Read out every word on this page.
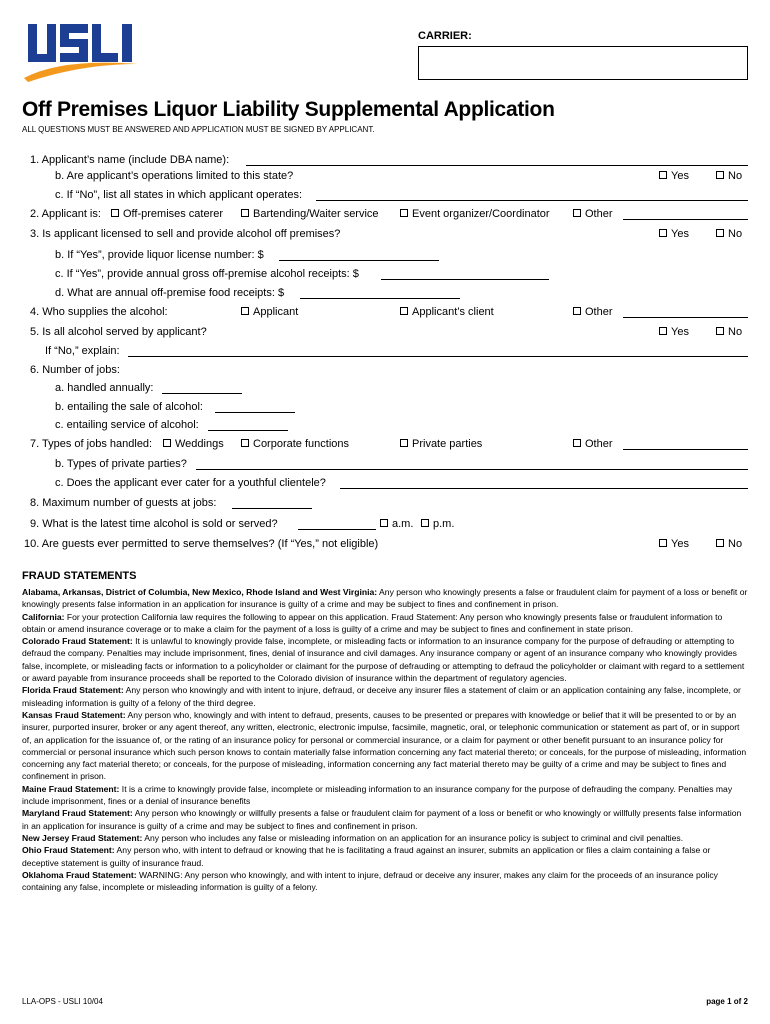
CARRIER:
Off Premises Liquor Liability Supplemental Application
ALL QUESTIONS MUST BE ANSWERED AND APPLICATION MUST BE SIGNED BY APPLICANT.
1. Applicant’s name (include DBA name):
b. Are applicant’s operations limited to this state?	Yes	No
c. If “No”, list all states in which applicant operates:
2. Applicant is:	Off-premises caterer	Bartending/Waiter service	Event organizer/Coordinator	Other
3. Is applicant licensed to sell and provide alcohol off premises?	Yes	No
b. If “Yes”, provide liquor license number: $
c. If “Yes”, provide annual gross off-premise alcohol receipts: $
d. What are annual off-premise food receipts: $
4. Who supplies the alcohol:	Applicant	Applicant’s client	Other
5. Is all alcohol served by applicant?	Yes	No
If “No,” explain:
6. Number of jobs:
a. handled annually:
b. entailing the sale of alcohol:
c. entailing service of alcohol:
7. Types of jobs handled:	Weddings	Corporate functions	Private parties	Other
b. Types of private parties?
c. Does the applicant ever cater for a youthful clientele?
8. Maximum number of guests at jobs:
9. What is the latest time alcohol is sold or served?	a.m.	p.m.
10. Are guests ever permitted to serve themselves? (If “Yes,” not eligible)	Yes	No
FRAUD STATEMENTS
Alabama, Arkansas, District of Columbia, New Mexico, Rhode Island and West Virginia: Any person who knowingly presents a false or fraudulent claim for payment of a loss or benefit or knowingly presents false information in an application for insurance is guilty of a crime and may be subject to fines and confinement in prison.
California: For your protection California law requires the following to appear on this application. Fraud Statement: Any person who knowingly presents false or fraudulent information to obtain or amend insurance coverage or to make a claim for the payment of a loss is guilty of a crime and may be subject to fines and confinement in state prison.
Colorado Fraud Statement: It is unlawful to knowingly provide false, incomplete, or misleading facts or information to an insurance company for the purpose of defrauding or attempting to defraud the company. Penalties may include imprisonment, fines, denial of insurance and civil damages. Any insurance company or agent of an insurance company who knowingly provides false, incomplete, or misleading facts or information to a policyholder or claimant for the purpose of defrauding or attempting to defraud the policyholder or claimant with regard to a settlement or award payable from insurance proceeds shall be reported to the Colorado division of insurance within the department of regulatory agencies.
Florida Fraud Statement: Any person who knowingly and with intent to injure, defraud, or deceive any insurer files a statement of claim or an application containing any false, incomplete, or misleading information is guilty of a felony of the third degree.
Kansas Fraud Statement: Any person who, knowingly and with intent to defraud, presents, causes to be presented or prepares with knowledge or belief that it will be presented to or by an insurer, purported insurer, broker or any agent thereof, any written, electronic, electronic impulse, facsimile, magnetic, oral, or telephonic communication or statement as part of, or in support of, an application for the issuance of, or the rating of an insurance policy for personal or commercial insurance, or a claim for payment or other benefit pursuant to an insurance policy for commercial or personal insurance which such person knows to contain materially false information concerning any fact material thereto; or conceals, for the purpose of misleading, information concerning any fact material thereto; or conceals, for the purpose of misleading, information concerning any fact material thereto may be guilty of a crime and may be subject to fines and confinement in prison.
Maine Fraud Statement: It is a crime to knowingly provide false, incomplete or misleading information to an insurance company for the purpose of defrauding the company. Penalties may include imprisonment, fines or a denial of insurance benefits
Maryland Fraud Statement: Any person who knowingly or willfully presents a false or fraudulent claim for payment of a loss or benefit or who knowingly or willfully presents false information in an application for insurance is guilty of a crime and may be subject to fines and confinement in prison.
New Jersey Fraud Statement: Any person who includes any false or misleading information on an application for an insurance policy is subject to criminal and civil penalties.
Ohio Fraud Statement: Any person who, with intent to defraud or knowing that he is facilitating a fraud against an insurer, submits an application or files a claim containing a false or deceptive statement is guilty of insurance fraud.
Oklahoma Fraud Statement: WARNING: Any person who knowingly, and with intent to injure, defraud or deceive any insurer, makes any claim for the proceeds of an insurance policy containing any false, incomplete or misleading information is guilty of a felony.
LLA-OPS - USLI 10/04	page 1 of 2
